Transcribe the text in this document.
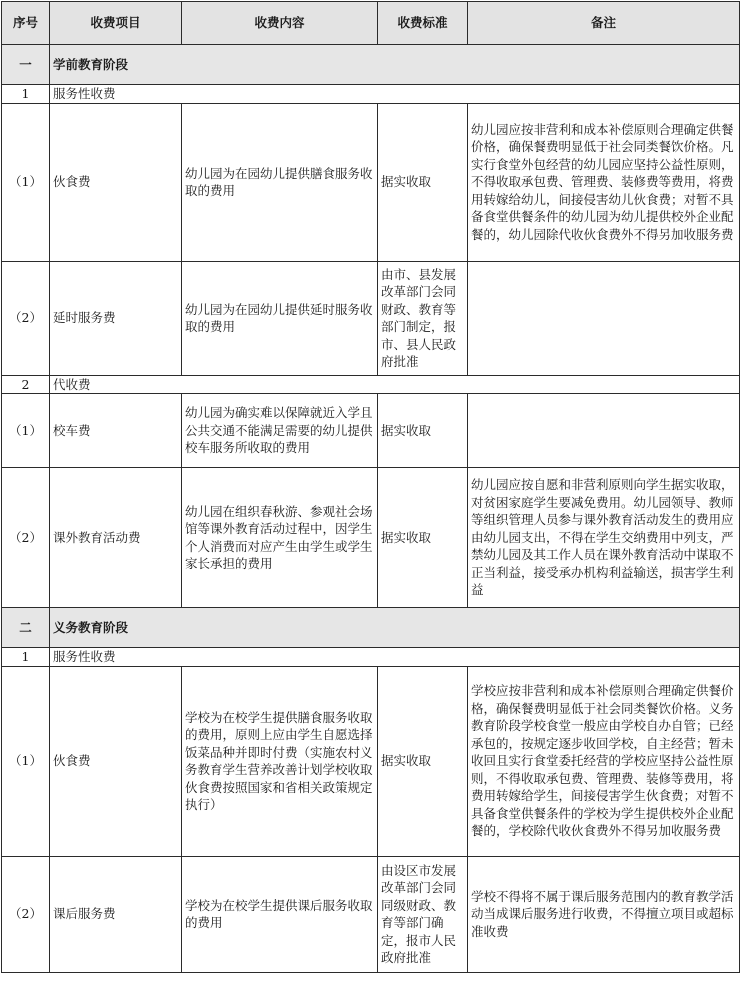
序号	收费项目	收费内容	收费标准	备注
一	学前教育阶段			
1	服务性收费			
（1）	伙食费	幼儿园为在园幼儿提供膳食服务收取的费用	据实收取	幼儿园应按非营利和成本补偿原则合理确定供餐价格，确保餐费明显低于社会同类餐饮价格。凡实行食堂外包经营的幼儿园应坚持公益性原则，不得收取承包费、管理费、装修费等费用，将费用转嫁给幼儿，间接侵害幼儿伙食费；对暂不具备食堂供餐条件的幼儿园为幼儿提供校外企业配餐的，幼儿园除代收伙食费外不得另加收服务费
（2）	延时服务费	幼儿园为在园幼儿提供延时服务收取的费用	由市、县发展改革部门会同财政、教育等部门制定，报市、县人民政府批准	
2	代收费			
（1）	校车费	幼儿园为确实难以保障就近入学且公共交通不能满足需要的幼儿提供校车服务所收取的费用	据实收取	
（2）	课外教育活动费	幼儿园在组织春秋游、参观社会场馆等课外教育活动过程中，因学生个人消费而对应产生由学生或学生家长承担的费用	据实收取	幼儿园应按自愿和非营利原则向学生据实收取，对贫困家庭学生要减免费用。幼儿园领导、教师等组织管理人员参与课外教育活动发生的费用应由幼儿园支出，不得在学生交纳费用中列支，严禁幼儿园及其工作人员在课外教育活动中谋取不正当利益，接受承办机构利益输送，损害学生利益
二	义务教育阶段			
1	服务性收费			
（1）	伙食费	学校为在校学生提供膳食服务收取的费用，原则上应由学生自愿选择饭菜品种并即时付费（实施农村义务教育学生营养改善计划学校收取伙食费按照国家和省相关政策规定执行）	据实收取	学校应按非营利和成本补偿原则合理确定供餐价格，确保餐费明显低于社会同类餐饮价格。义务教育阶段学校食堂一般应由学校自办自管；已经承包的，按规定逐步收回学校，自主经营；暂未收回且实行食堂委托经营的学校应坚持公益性原则，不得收取承包费、管理费、装修等费用，将费用转嫁给学生，间接侵害学生伙食费；对暂不具备食堂供餐条件的学校为学生提供校外企业配餐的，学校除代收伙食费外不得另加收服务费
（2）	课后服务费	学校为在校学生提供课后服务收取的费用	由设区市发展改革部门会同同级财政、教育等部门确定，报市人民政府批准	学校不得将不属于课后服务范围内的教育教学活动当成课后服务进行收费，不得擅立项目或超标准收费
